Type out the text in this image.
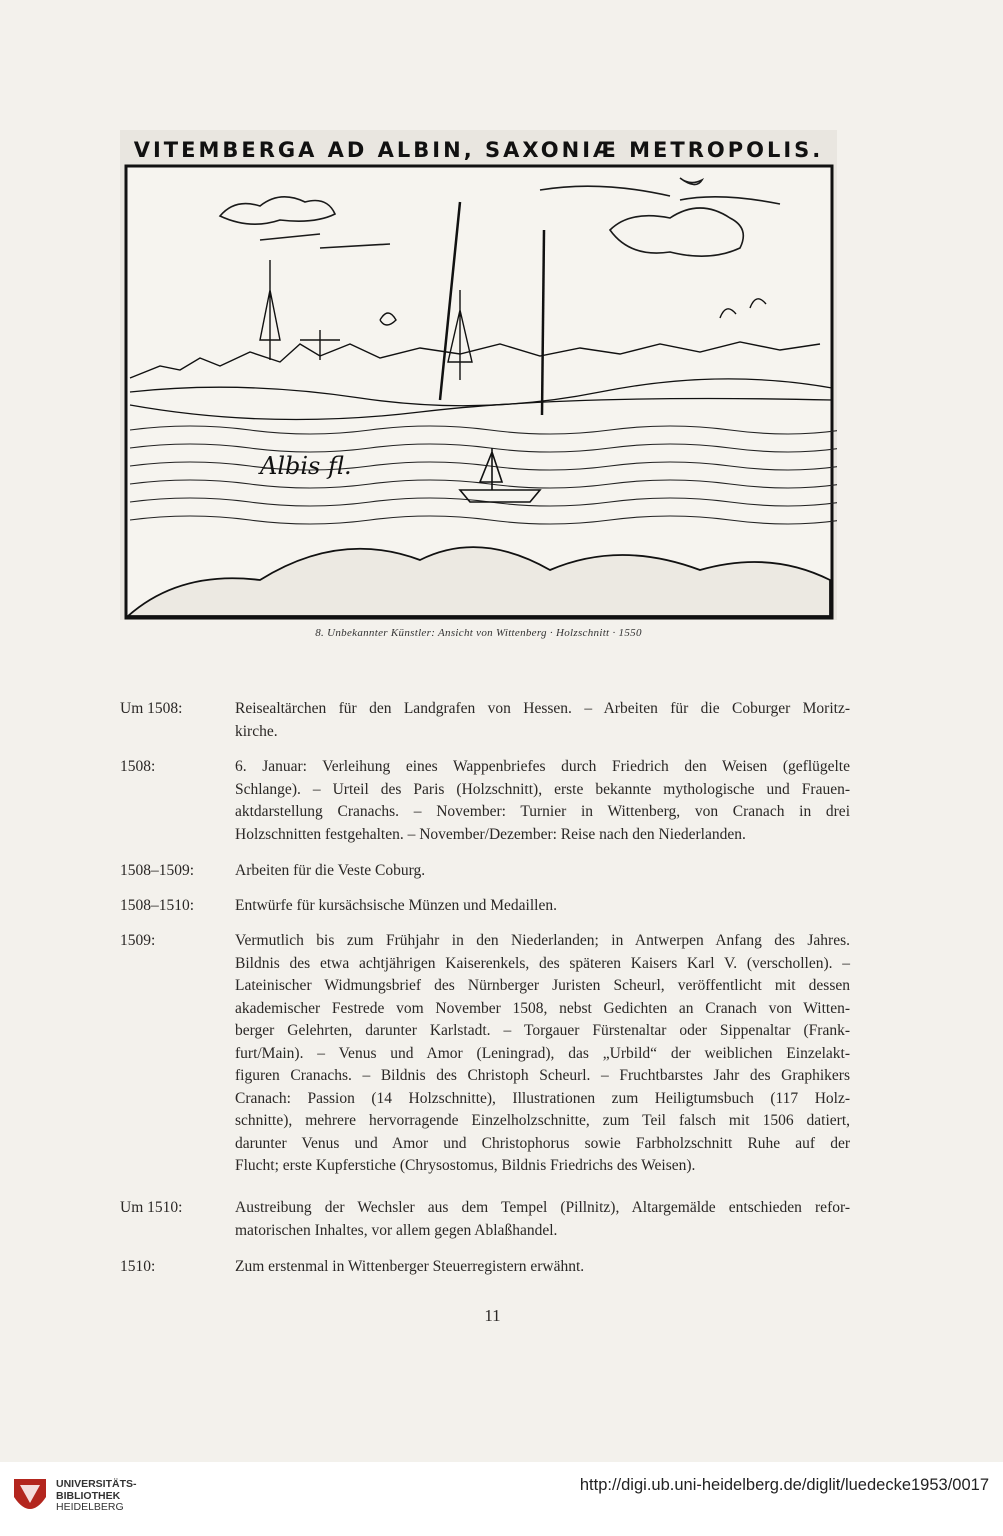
VITEMBERGA AD ALBIN, SAXONIÆ METROPOLIS.
Albis fl.
8. Unbekannter Künstler: Ansicht von Wittenberg · Holzschnitt · 1550
Um 1508:	Reisealtärchen für den Landgrafen von Hessen. – Arbeiten für die Coburger Moritz-
kirche.
1508:	6. Januar: Verleihung eines Wappenbriefes durch Friedrich den Weisen (geflügelte
Schlange). – Urteil des Paris (Holzschnitt), erste bekannte mythologische und Frauen-
aktdarstellung Cranachs. – November: Turnier in Wittenberg, von Cranach in drei
Holzschnitten festgehalten. – November/Dezember: Reise nach den Niederlanden.
1508–1509:	Arbeiten für die Veste Coburg.
1508–1510:	Entwürfe für kursächsische Münzen und Medaillen.
1509:	Vermutlich bis zum Frühjahr in den Niederlanden; in Antwerpen Anfang des Jahres.
Bildnis des etwa achtjährigen Kaiserenkels, des späteren Kaisers Karl V. (verschollen). –
Lateinischer Widmungsbrief des Nürnberger Juristen Scheurl, veröffentlicht mit dessen
akademischer Festrede vom November 1508, nebst Gedichten an Cranach von Witten-
berger Gelehrten, darunter Karlstadt. – Torgauer Fürstenaltar oder Sippenaltar (Frank-
furt/Main). – Venus und Amor (Leningrad), das „Urbild“ der weiblichen Einzelakt-
figuren Cranachs. – Bildnis des Christoph Scheurl. – Fruchtbarstes Jahr des Graphikers
Cranach: Passion (14 Holzschnitte), Illustrationen zum Heiligtumsbuch (117 Holz-
schnitte), mehrere hervorragende Einzelholzschnitte, zum Teil falsch mit 1506 datiert,
darunter Venus und Amor und Christophorus sowie Farbholzschnitt Ruhe auf der
Flucht; erste Kupferstiche (Chrysostomus, Bildnis Friedrichs des Weisen).
Um 1510:	Austreibung der Wechsler aus dem Tempel (Pillnitz), Altargemälde entschieden refor-
matorischen Inhaltes, vor allem gegen Ablaßhandel.
1510:	Zum erstenmal in Wittenberger Steuerregistern erwähnt.
11
UNIVERSITÄTS-
BIBLIOTHEK
HEIDELBERG
http://digi.ub.uni-heidelberg.de/diglit/luedecke1953/0017
